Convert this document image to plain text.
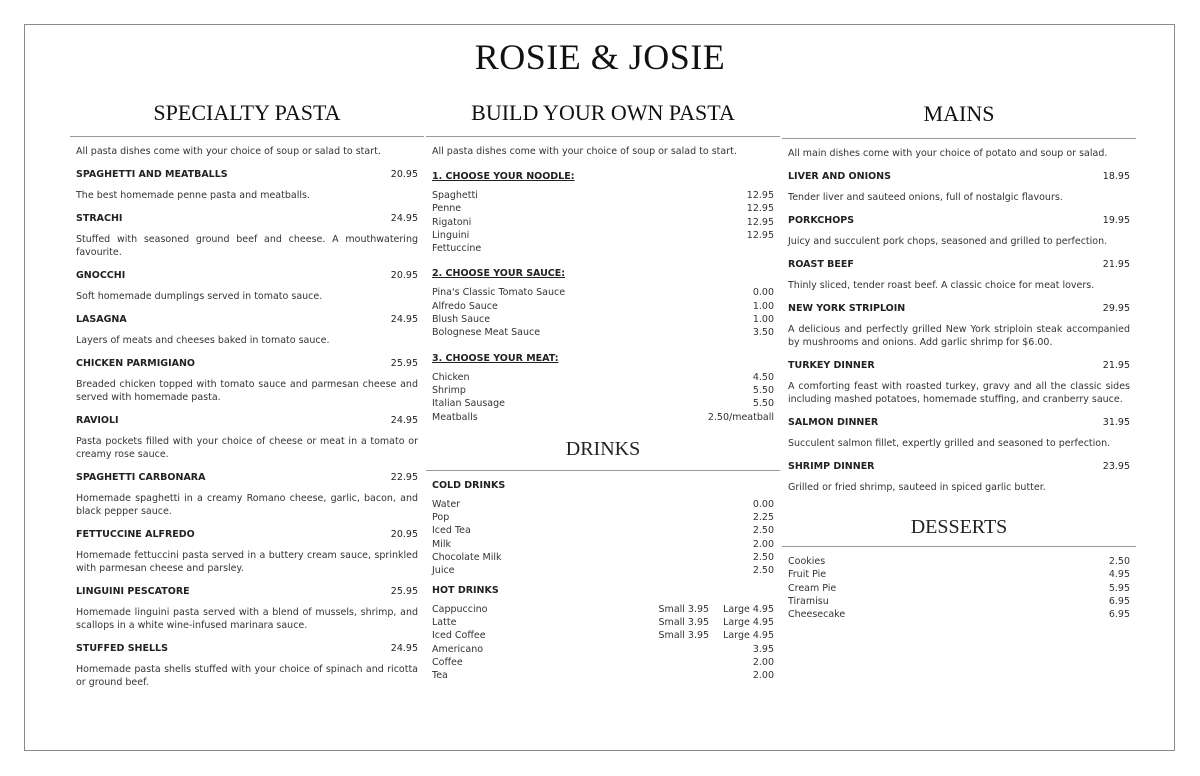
ROSIE & JOSIE
SPECIALTY PASTA
All pasta dishes come with your choice of soup or salad to start.
SPAGHETTI AND MEATBALLS	20.95
The best homemade penne pasta and meatballs.
STRACHI	24.95
Stuffed with seasoned ground beef and cheese. A mouthwatering favourite.
GNOCCHI	20.95
Soft homemade dumplings served in tomato sauce.
LASAGNA	24.95
Layers of meats and cheeses baked in tomato sauce.
CHICKEN PARMIGIANO	25.95
Breaded chicken topped with tomato sauce and parmesan cheese and served with homemade pasta.
RAVIOLI	24.95
Pasta pockets filled with your choice of cheese or meat in a tomato or creamy rose sauce.
SPAGHETTI CARBONARA	22.95
Homemade spaghetti in a creamy Romano cheese, garlic, bacon, and black pepper sauce.
FETTUCCINE ALFREDO	20.95
Homemade fettuccini pasta served in a buttery cream sauce, sprinkled with parmesan cheese and parsley.
LINGUINI PESCATORE	25.95
Homemade linguini pasta served with a blend of mussels, shrimp, and scallops in a white wine-infused marinara sauce.
STUFFED SHELLS	24.95
Homemade pasta shells stuffed with your choice of spinach and ricotta or ground beef.
BUILD YOUR OWN PASTA
All pasta dishes come with your choice of soup or salad to start.
1. CHOOSE YOUR NOODLE:
Spaghetti	12.95
Penne	12.95
Rigatoni	12.95
Linguini	12.95
Fettuccine
2. CHOOSE YOUR SAUCE:
Pina's Classic Tomato Sauce	0.00
Alfredo Sauce	1.00
Blush Sauce	1.00
Bolognese Meat Sauce	3.50
3. CHOOSE YOUR MEAT:
Chicken	4.50
Shrimp	5.50
Italian Sausage	5.50
Meatballs	2.50/meatball
DRINKS
COLD DRINKS
Water	0.00
Pop	2.25
Iced Tea	2.50
Milk	2.00
Chocolate Milk	2.50
Juice	2.50
HOT DRINKS
Cappuccino	Small 3.95 Large 4.95
Latte	Small 3.95 Large 4.95
Iced Coffee	Small 3.95 Large 4.95
Americano	3.95
Coffee	2.00
Tea	2.00
MAINS
All main dishes come with your choice of potato and soup or salad.
LIVER AND ONIONS	18.95
Tender liver and sauteed onions, full of nostalgic flavours.
PORKCHOPS	19.95
Juicy and succulent pork chops, seasoned and grilled to perfection.
ROAST BEEF	21.95
Thinly sliced, tender roast beef. A classic choice for meat lovers.
NEW YORK STRIPLOIN	29.95
A delicious and perfectly grilled New York striploin steak accompanied by mushrooms and onions. Add garlic shrimp for $6.00.
TURKEY DINNER	21.95
A comforting feast with roasted turkey, gravy and all the classic sides including mashed potatoes, homemade stuffing, and cranberry sauce.
SALMON DINNER	31.95
Succulent salmon fillet, expertly grilled and seasoned to perfection.
SHRIMP DINNER	23.95
Grilled or fried shrimp, sauteed in spiced garlic butter.
DESSERTS
Cookies	2.50
Fruit Pie	4.95
Cream Pie	5.95
Tiramisu	6.95
Cheesecake	6.95
